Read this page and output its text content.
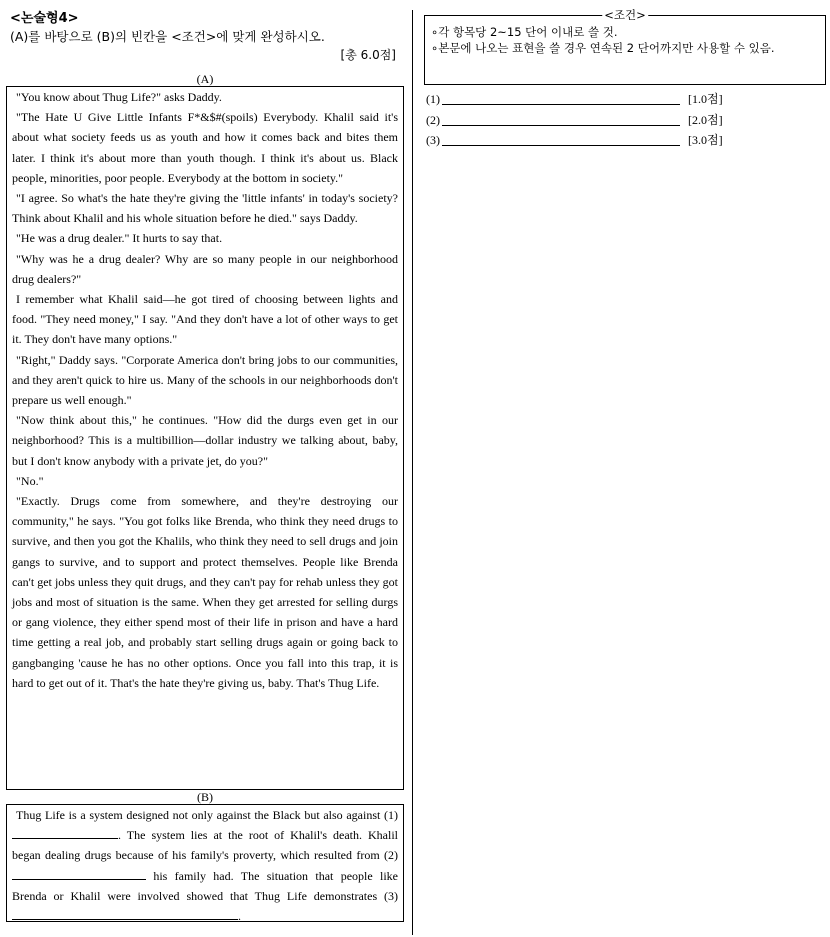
<논술형4>
(A)를 바탕으로 (B)의 빈칸을 <조건>에 맞게 완성하시오.
[총 6.0점]
(A)

"You know about Thug Life?" asks Daddy.

"The Hate U Give Little Infants F*&$#(spoils) Everybody. Khalil said it's about what society feeds us as youth and how it comes back and bites them later. I think it's about more than youth though. I think it's about us. Black people, minorities, poor people. Everybody at the bottom in society."

"I agree. So what's the hate they're giving the 'little infants' in today's society? Think about Khalil and his whole situation before he died." says Daddy.

"He was a drug dealer." It hurts to say that.

"Why was he a drug dealer? Why are so many people in our neighborhood drug dealers?"

I remember what Khalil said—he got tired of choosing between lights and food. "They need money," I say. "And they don't have a lot of other ways to get it. They don't have many options."

"Right," Daddy says. "Corporate America don't bring jobs to our communities, and they aren't quick to hire us. Many of the schools in our neighborhoods don't prepare us well enough."

"Now think about this," he continues. "How did the durgs even get in our neighborhood? This is a multibillion—dollar industry we talking about, baby, but I don't know anybody with a private jet, do you?"

"No."

"Exactly. Drugs come from somewhere, and they're destroying our community," he says. "You got folks like Brenda, who think they need drugs to survive, and then you got the Khalils, who think they need to sell drugs and join gangs to survive, and to support and protect themselves. People like Brenda can't get jobs unless they quit drugs, and they can't pay for rehab unless they got jobs and most of situation is the same. When they get arrested for selling durgs or gang violence, they either spend most of their life in prison and have a hard time getting a real job, and probably start selling drugs again or going back to gangbanging 'cause he has no other options. Once you fall into this trap, it is hard to get out of it. That's the hate they're giving us, baby. That's Thug Life.

(B)

Thug Life is a system designed not only against the Black but also against (1). The system lies at the root of Khalil's death. Khalil began dealing drugs because of his family's proverty, which resulted from (2) his family had. The situation that people like Brenda or Khalil were involved showed that Thug Life demonstrates (3).

<조건>

∘각 항목당 2~15 단어 이내로 쓸 것.

∘본문에 나오는 표현을 쓸 경우 연속된 2 단어까지만 사용할 수 있음.

(1)	[1.0점]
(2)	[2.0점]
(3)	[3.0점]
